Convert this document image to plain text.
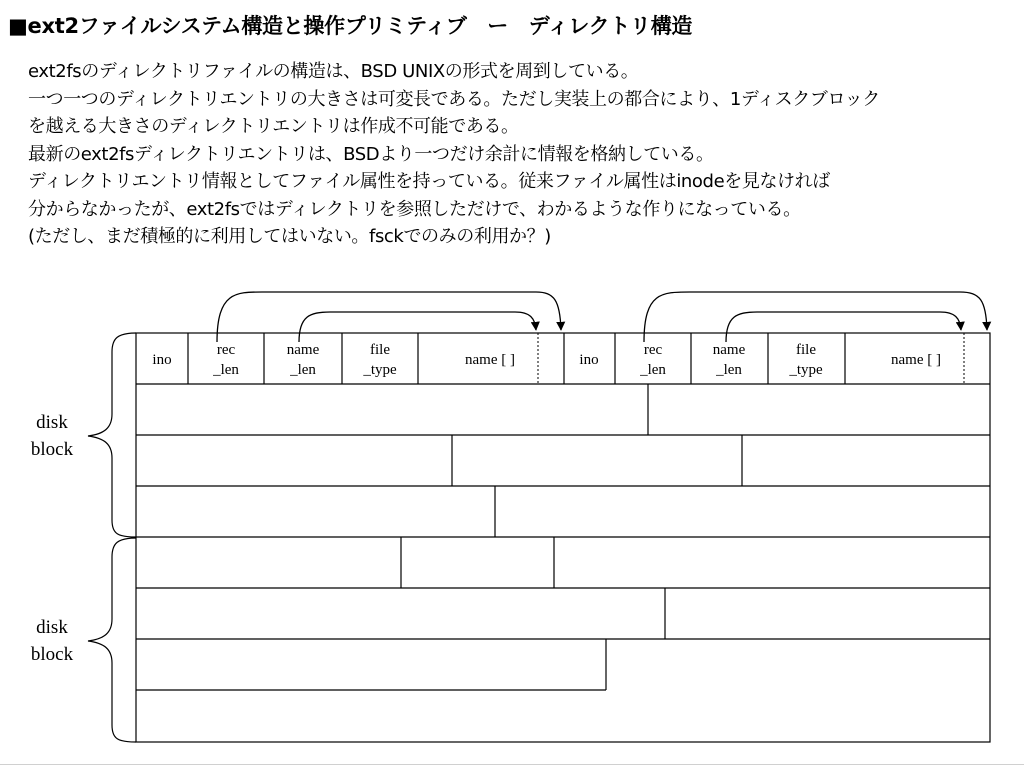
■ext2ファイルシステム構造と操作プリミティブ　ー　ディレクトリ構造
ext2fsのディレクトリファイルの構造は、BSD UNIXの形式を周到している。
一つ一つのディレクトリエントリの大きさは可変長である。ただし実装上の都合により、1ディスクブロック
を越える大きさのディレクトリエントリは作成不可能である。
最新のext2fsディレクトリエントリは、BSDより一つだけ余計に情報を格納している。
ディレクトリエントリ情報としてファイル属性を持っている。従来ファイル属性はinodeを見なければ
分からなかったが、ext2fsではディレクトリを参照しただけで、わかるような作りになっている。
(ただし、まだ積極的に利用してはいない。fsckでのみの利用か？)
ino
rec
_len
name
_len
file
_type
name [ ]	ino
rec
_len
name
_len
file
_type
name [ ]
disk
block
disk
block
